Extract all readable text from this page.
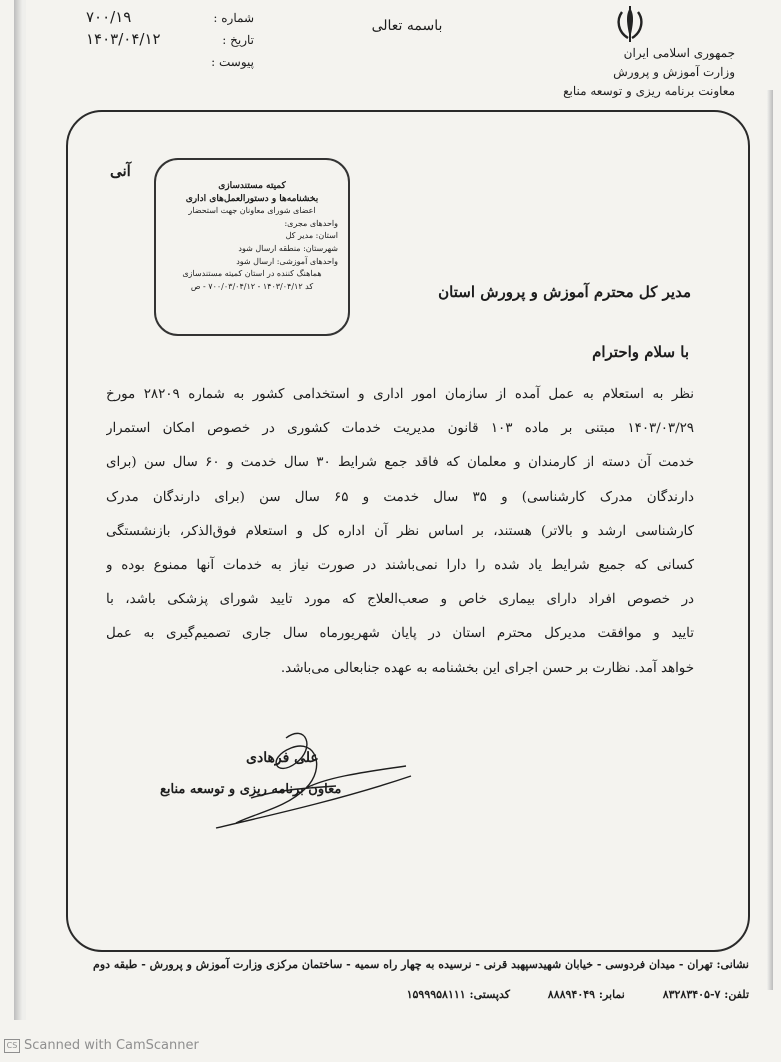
جمهوری اسلامی ایران
وزارت آموزش و پرورش
معاونت برنامه ریزی و توسعه منابع
باسمه تعالی
شماره :
۷۰۰/۱۹
تاریخ :
۱۴۰۳/۰۴/۱۲
پیوست :
آنی
کمیته مستندسازی
بخشنامه‌ها و دستورالعمل‌های اداری
اعضای شورای معاونان جهت استحضار
واحدهای مجری:
استان: مدیر کل
شهرستان: منطقه ارسال شود
واحدهای آموزشی: ارسال شود
هماهنگ کننده در استان کمیته مستندسازی
کد ۱۴۰۳/۰۴/۱۲ - ۷۰۰/۰۳/۰۴/۱۲ - ص	مدیر کل محترم آموزش و پرورش استان
با سلام واحترام
نظر به استعلام به عمل آمده از سازمان امور اداری و استخدامی کشور به شماره ۲۸۲۰۹ مورخ
۱۴۰۳/۰۳/۲۹ مبتنی بر ماده ۱۰۳ قانون مدیریت خدمات کشوری در خصوص امکان استمرار
خدمت آن دسته از کارمندان و معلمان که فاقد جمع شرایط ۳۰ سال خدمت و ۶۰ سال سن (برای
دارندگان مدرک کارشناسی) و ۳۵ سال خدمت و ۶۵ سال سن (برای دارندگان مدرک
کارشناسی ارشد و بالاتر) هستند، بر اساس نظر آن اداره کل و استعلام فوق‌الذکر، بازنشستگی
کسانی که جمیع شرایط یاد شده را دارا نمی‌باشند در صورت نیاز به خدمات آنها ممنوع بوده و
در خصوص افراد دارای بیماری خاص و صعب‌العلاج که مورد تایید شورای پزشکی باشد، با
تایید و موافقت مدیرکل محترم استان در پایان شهریورماه سال جاری تصمیم‌گیری به عمل
خواهد آمد. نظارت بر حسن اجرای این بخشنامه به عهده جنابعالی می‌باشد.
علی فرهادی
معاون برنامه ریزی و توسعه منابع
نشانی: تهران - میدان فردوسی - خیابان شهیدسپهبد قرنی - نرسیده به چهار راه سمیه - ساختمان مرکزی وزارت آموزش و پرورش - طبقه دوم
تلفن: ۷-۸۳۲۸۳۴۰۵ نمابر: ۸۸۸۹۴۰۴۹ کدپستی: ۱۵۹۹۹۵۸۱۱۱
CS Scanned with CamScanner
